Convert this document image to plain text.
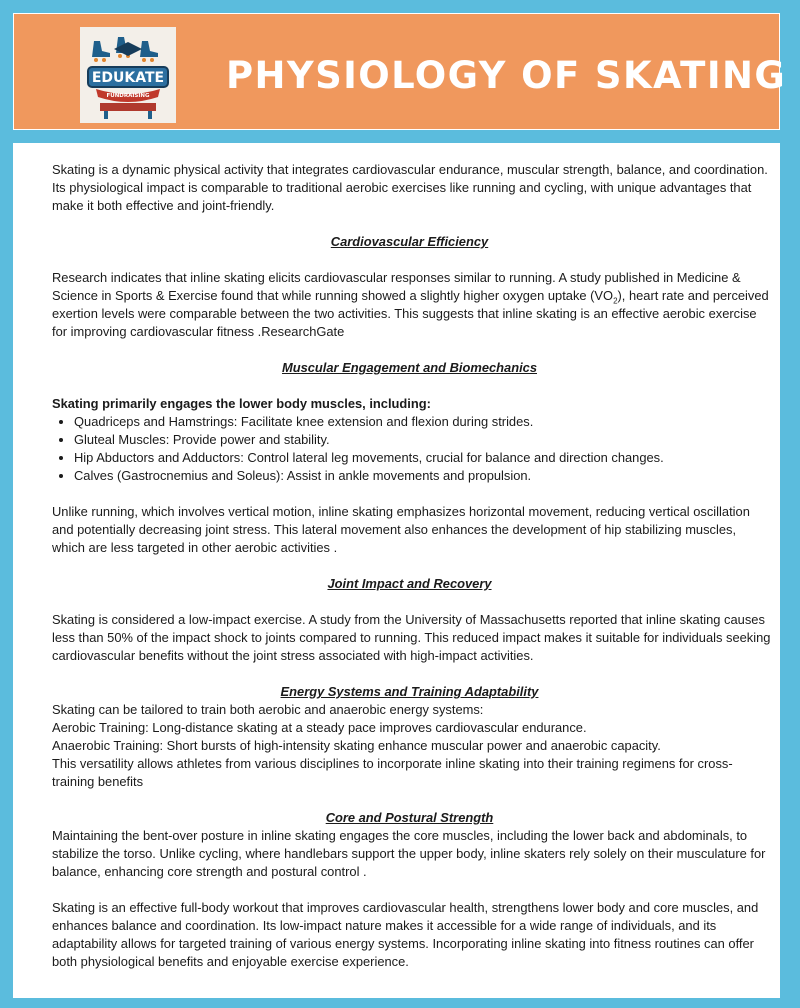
EDUKATE
FUNDRAISING PHYSIOLOGY OF SKATING

Skating is a dynamic physical activity that integrates cardiovascular endurance, muscular strength, balance, and coordination. Its physiological impact is comparable to traditional aerobic exercises like running and cycling, with unique advantages that make it both effective and joint-friendly.

Cardiovascular Efficiency

Research indicates that inline skating elicits cardiovascular responses similar to running. A study published in Medicine & Science in Sports & Exercise found that while running showed a slightly higher oxygen uptake $(VO_2)$, heart rate and perceived exertion levels were comparable between the two activities. This suggests that inline skating is an effective aerobic exercise for improving cardiovascular fitness .ResearchGate

Muscular Engagement and Biomechanics

Skating primarily engages the lower body muscles, including:

• Quadriceps and Hamstrings: Facilitate knee extension and flexion during strides.
• Gluteal Muscles: Provide power and stability.
• Hip Abductors and Adductors: Control lateral leg movements, crucial for balance and direction changes.
• Calves (Gastrocnemius and Soleus): Assist in ankle movements and propulsion.

Unlike running, which involves vertical motion, inline skating emphasizes horizontal movement, reducing vertical oscillation and potentially decreasing joint stress. This lateral movement also enhances the development of hip stabilizing muscles, which are less targeted in other aerobic activities .

Joint Impact and Recovery

Skating is considered a low-impact exercise. A study from the University of Massachusetts reported that inline skating causes less than 50% of the impact shock to joints compared to running. This reduced impact makes it suitable for individuals seeking cardiovascular benefits without the joint stress associated with high-impact activities.

Energy Systems and Training Adaptability

Skating can be tailored to train both aerobic and anaerobic energy systems:

Aerobic Training: Long-distance skating at a steady pace improves cardiovascular endurance.

Anaerobic Training: Short bursts of high-intensity skating enhance muscular power and anaerobic capacity.

This versatility allows athletes from various disciplines to incorporate inline skating into their training regimens for cross-training benefits

Core and Postural Strength

Maintaining the bent-over posture in inline skating engages the core muscles, including the lower back and abdominals, to stabilize the torso. Unlike cycling, where handlebars support the upper body, inline skaters rely solely on their musculature for balance, enhancing core strength and postural control .

Skating is an effective full-body workout that improves cardiovascular health, strengthens lower body and core muscles, and enhances balance and coordination. Its low-impact nature makes it accessible for a wide range of individuals, and its adaptability allows for targeted training of various energy systems. Incorporating inline skating into fitness routines can offer both physiological benefits and enjoyable exercise experience.
